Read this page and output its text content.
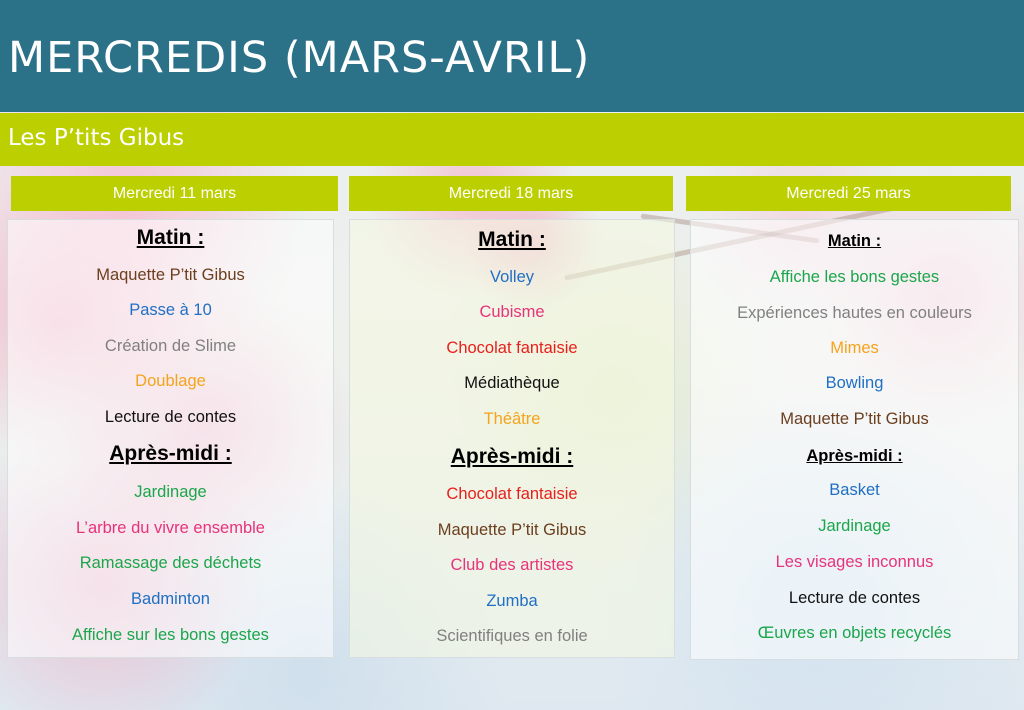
MERCREDIS (MARS-AVRIL)
Les P’tits Gibus
Mercredi 11 mars
Matin :
Maquette P’tit Gibus
Passe à 10
Création de Slime
Doublage
Lecture de contes
Après-midi :
Jardinage
L’arbre du vivre ensemble
Ramassage des déchets
Badminton
Affiche sur les bons gestes
Mercredi 18 mars
Matin :
Volley
Cubisme
Chocolat fantaisie
Médiathèque
Théâtre
Après-midi :
Chocolat fantaisie
Maquette P’tit Gibus
Club des artistes
Zumba
Scientifiques en folie
Mercredi 25 mars
Matin :
Affiche les bons gestes
Expériences hautes en couleurs
Mimes
Bowling
Maquette P’tit Gibus
Après-midi :
Basket
Jardinage
Les visages inconnus
Lecture de contes
Œuvres en objets recyclés
